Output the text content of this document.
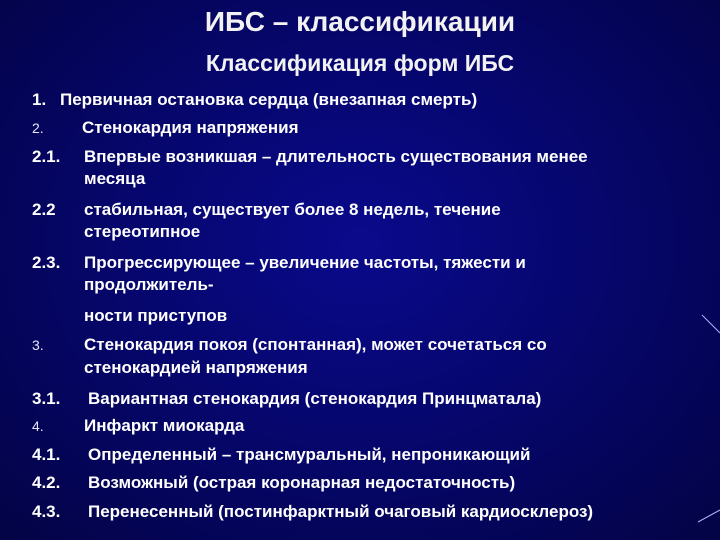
ИБС – классификации
Классификация форм ИБС
1. Первичная остановка сердца (внезапная смерть)
2. Стенокардия напряжения
2.1. Впервые возникшая – длительность существования менее
месяца
2.2 стабильная, существует более 8 недель, течение
стереотипное
2.3. Прогрессирующее – увеличение частоты, тяжести и
продолжитель-
ности приступов
3. Стенокардия покоя (спонтанная), может сочетаться со
стенокардией напряжения
3.1. Вариантная стенокардия (стенокардия Принцматала)
4. Инфаркт миокарда
4.1. Определенный – трансмуральный, непроникающий
4.2. Возможный (острая коронарная недостаточность)
4.3. Перенесенный (постинфарктный очаговый кардиосклероз)
